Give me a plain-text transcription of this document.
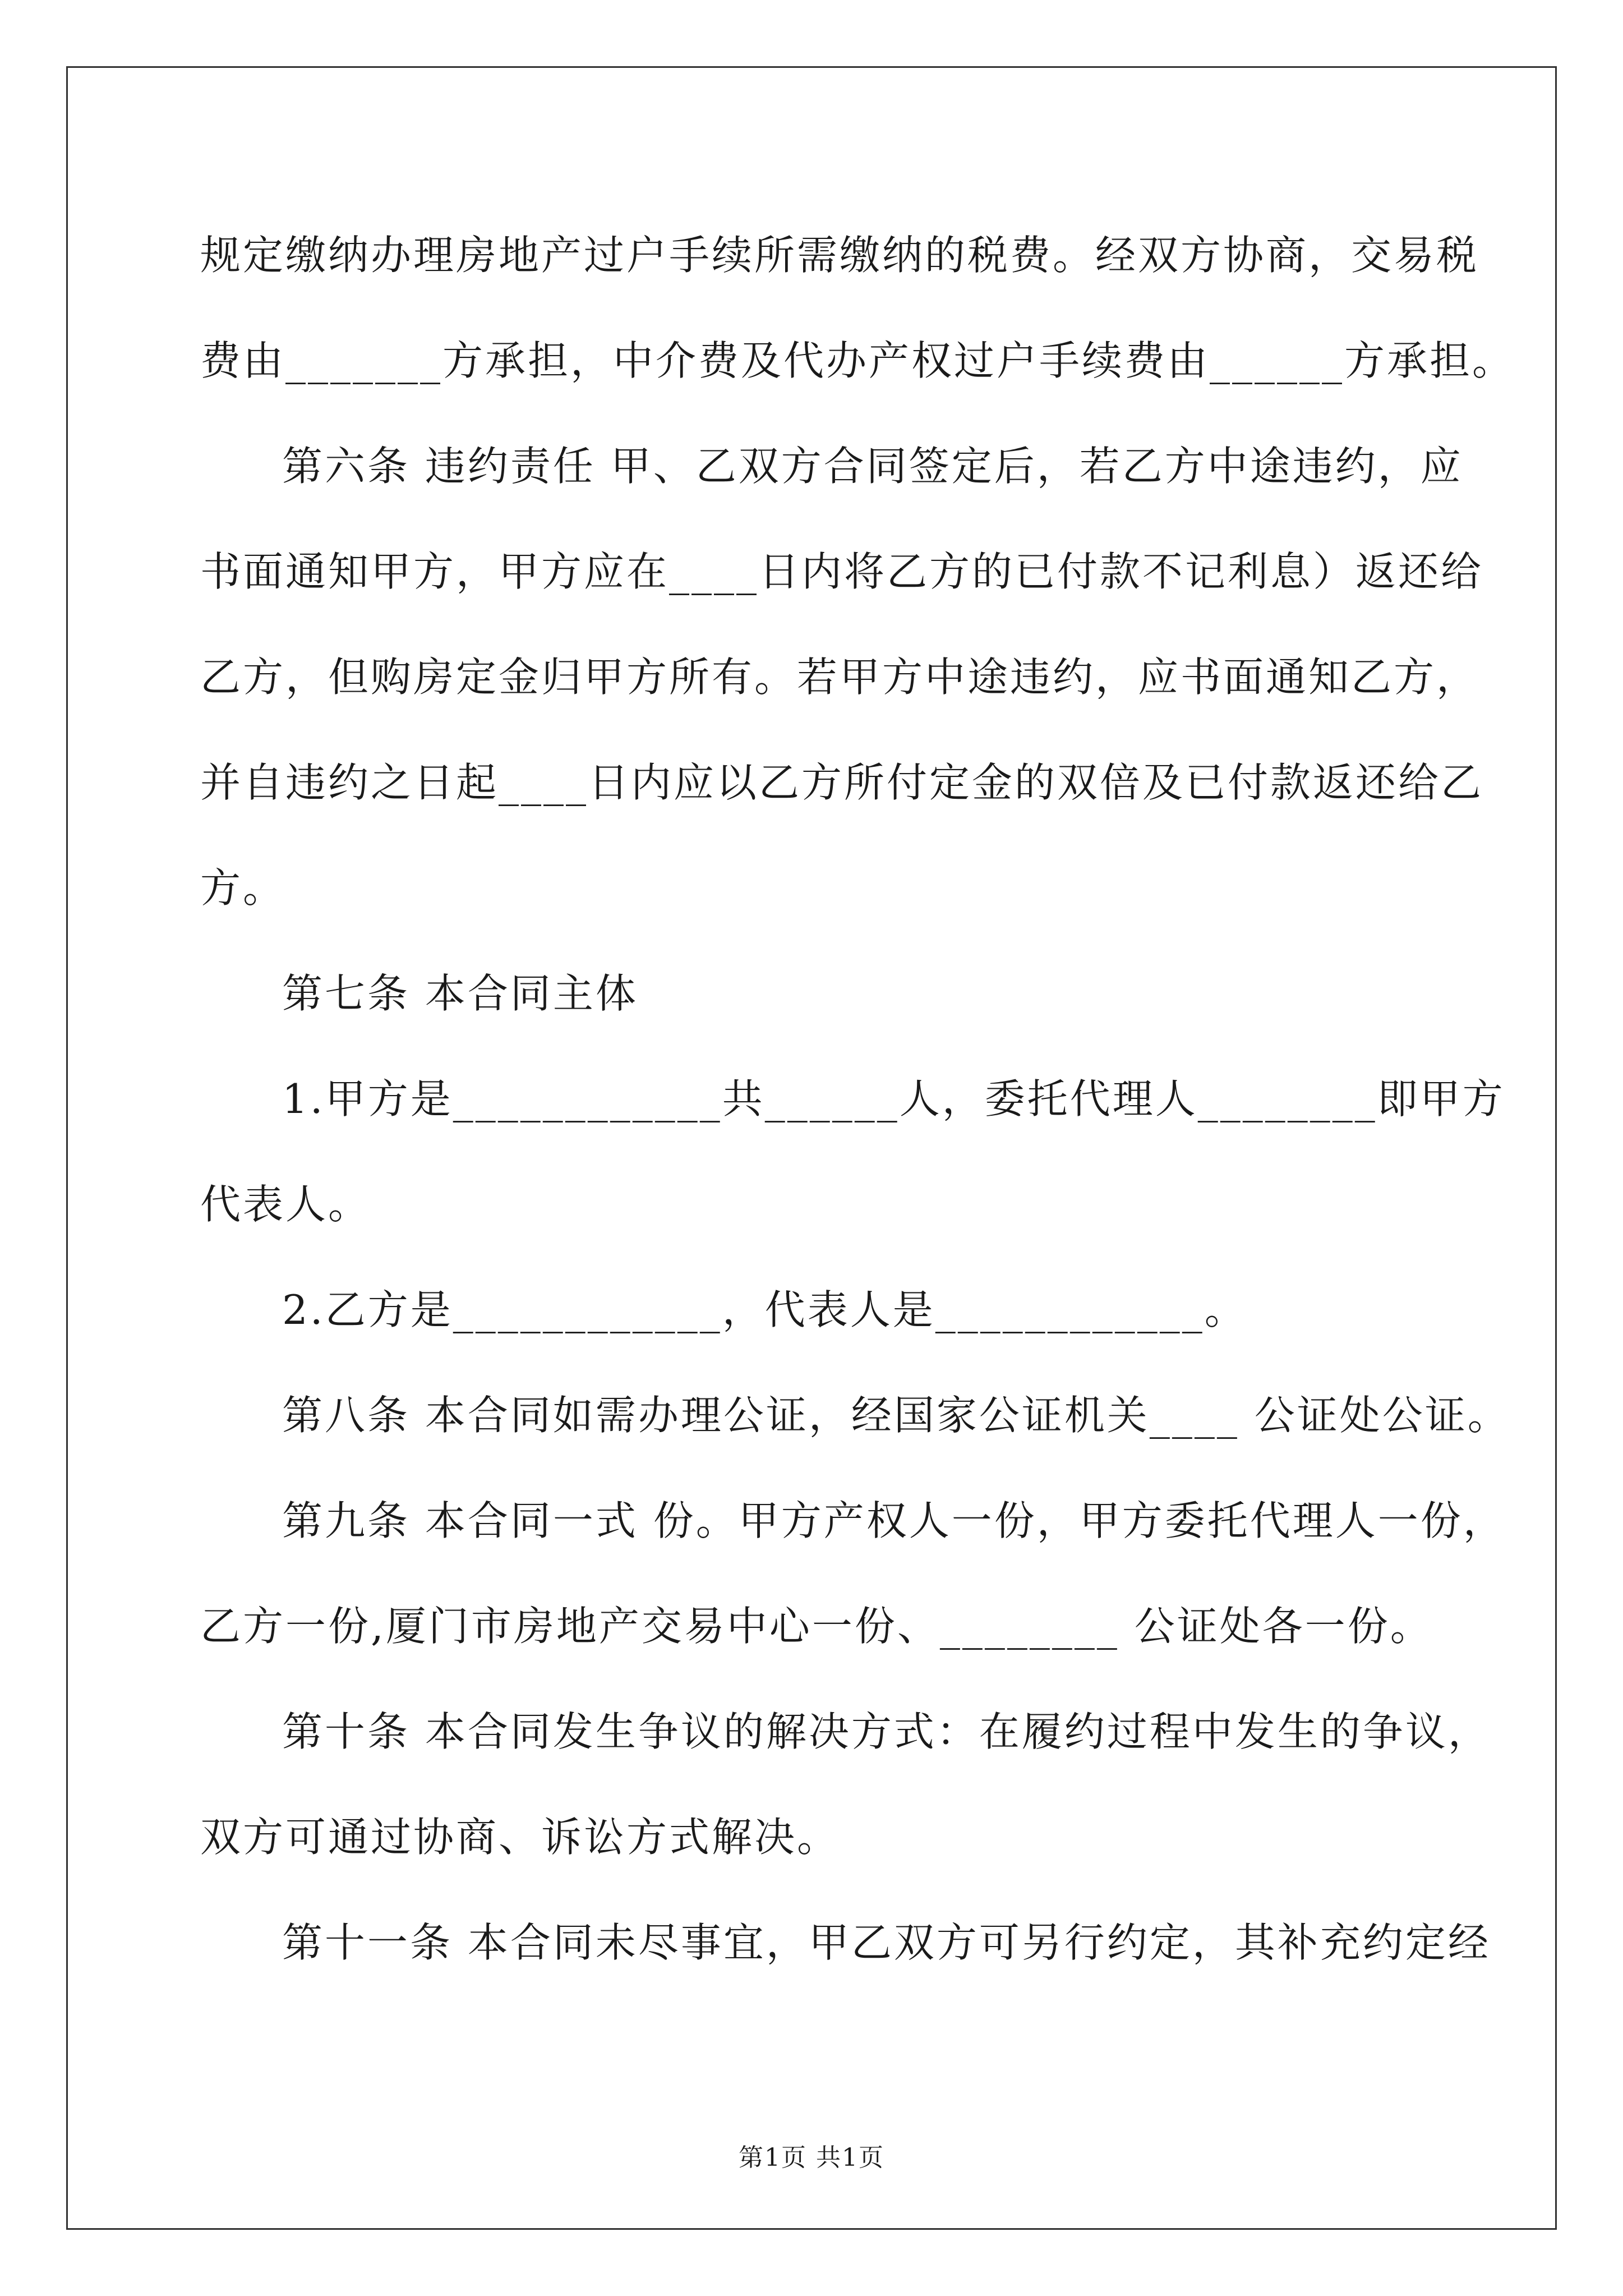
规定缴纳办理房地产过户手续所需缴纳的税费。经双方协商，交易税
费由_______方承担，中介费及代办产权过户手续费由______方承担。
第六条 违约责任 甲、乙双方合同签定后，若乙方中途违约，应
书面通知甲方，甲方应在____日内将乙方的已付款不记利息）返还给
乙方，但购房定金归甲方所有。若甲方中途违约，应书面通知乙方，
并自违约之日起____日内应以乙方所付定金的双倍及已付款返还给乙
方。
第七条 本合同主体
1.甲方是____________共______人，委托代理人________即甲方
代表人。
2.乙方是____________，代表人是____________。
第八条 本合同如需办理公证，经国家公证机关____ 公证处公证。
第九条 本合同一式 份。甲方产权人一份，甲方委托代理人一份，
乙方一份,厦门市房地产交易中心一份、________ 公证处各一份。
第十条 本合同发生争议的解决方式：在履约过程中发生的争议，
双方可通过协商、诉讼方式解决。
第十一条 本合同未尽事宜，甲乙双方可另行约定，其补充约定经
第1页 共1页
